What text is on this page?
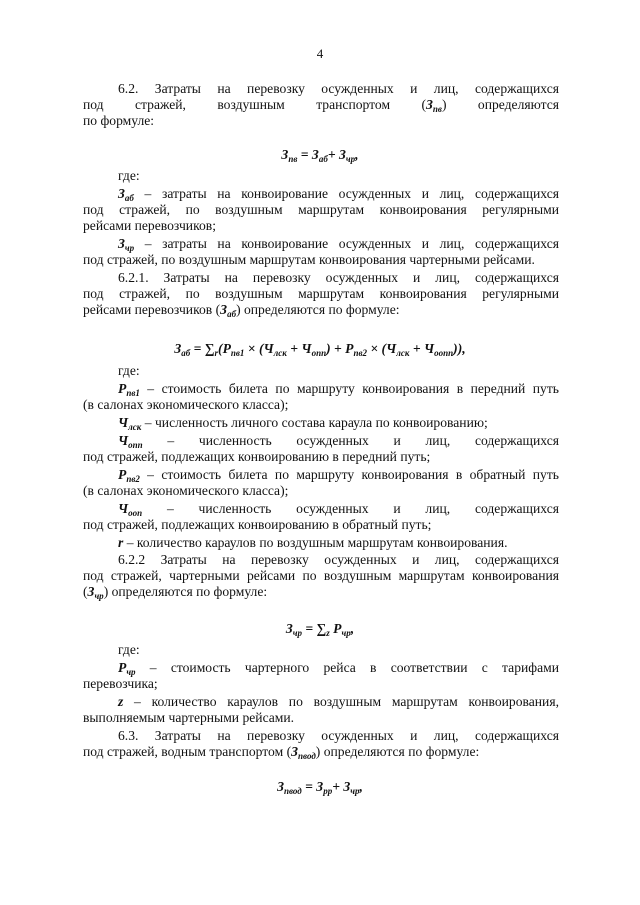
4
6.2. Затраты на перевозку осужденных и лиц, содержащихся
под стражей, воздушным транспортом $(З_{пв})$ определяются
по формуле:
$З_{пв} = З_{аб}+ З_{чр}$,
где:
$З_{аб}$ – затраты на конвоирование осужденных и лиц, содержащихся
под стражей, по воздушным маршрутам конвоирования регулярными
рейсами перевозчиков;
$З_{чр}$ – затраты на конвоирование осужденных и лиц, содержащихся
под стражей, по воздушным маршрутам конвоирования чартерными рейсами.
6.2.1. Затраты на перевозку осужденных и лиц, содержащихся
под стражей, по воздушным маршрутам конвоирования регулярными
рейсами перевозчиков $(З_{аб})$ определяются по формуле:
$З_{аб} = \sum_r(P_{пв1} \times (Ч_{лск} + Ч_{опп}) + P_{пв2} \times (Ч_{лск} + Ч_{оопп}))$,
где:
$Р_{пв1}$ – стоимость билета по маршруту конвоирования в передний путь
(в салонах экономического класса);
$Ч_{лск}$ – численность личного состава караула по конвоированию;
$Ч_{опп}$ – численность осужденных и лиц, содержащихся
под стражей, подлежащих конвоированию в передний путь;
$Р_{пв2}$ – стоимость билета по маршруту конвоирования в обратный путь
(в салонах экономического класса);
$Ч_{ооп}$ – численность осужденных и лиц, содержащихся
под стражей, подлежащих конвоированию в обратный путь;
r – количество караулов по воздушным маршрутам конвоирования.
6.2.2 Затраты на перевозку осужденных и лиц, содержащихся
под стражей, чартерными рейсами по воздушным маршрутам конвоирования
$(З_{чр})$ определяются по формуле:
$З_{чр} = \sum_z$ $P_{чр}$,
где:
$Р_{чр}$ – стоимость чартерного рейса в соответствии с тарифами
перевозчика;
z – количество караулов по воздушным маршрутам конвоирования,
выполняемым чартерными рейсами.
6.3. Затраты на перевозку осужденных и лиц, содержащихся
под стражей, водным транспортом $(З_{пвод})$ определяются по формуле:
$З_{пвод} = З_{рр}+ З_{чр}$,
